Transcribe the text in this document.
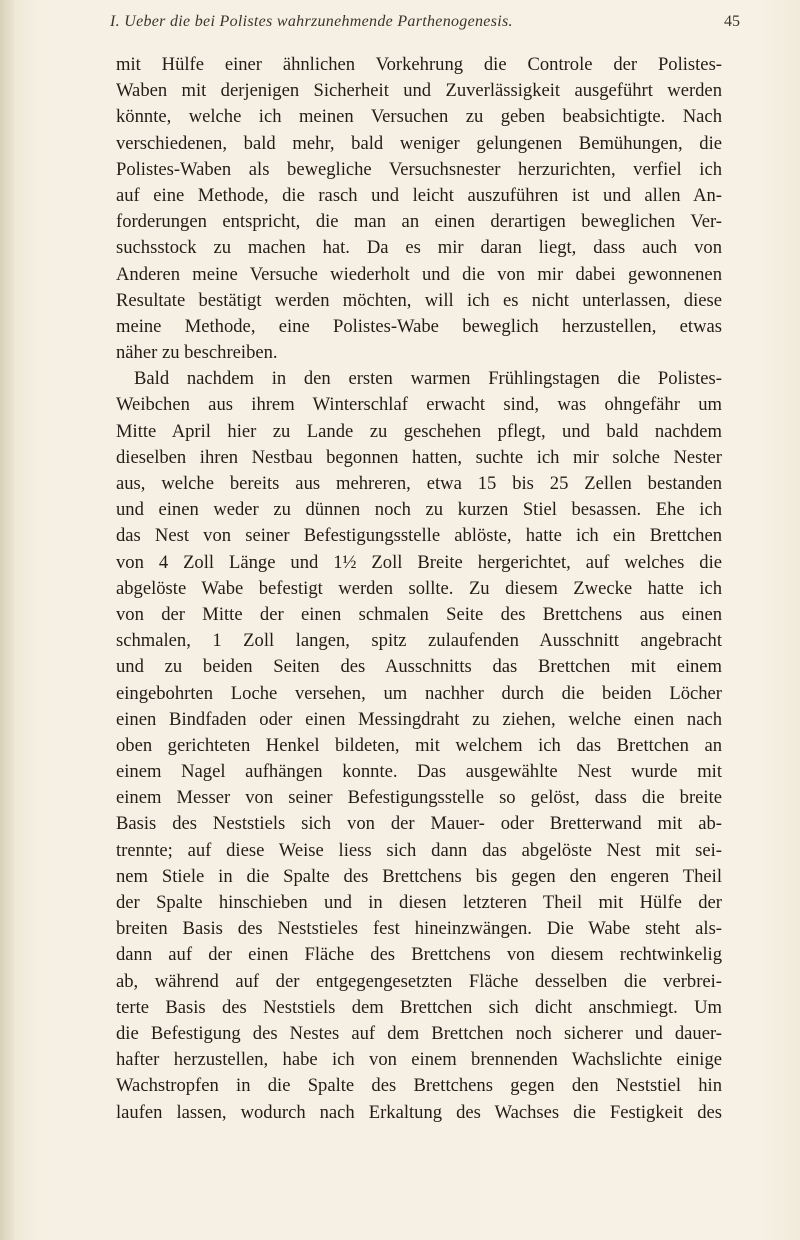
I. Ueber die bei Polistes wahrzunehmende Parthenogenesis.	45
mit Hülfe einer ähnlichen Vorkehrung die Controle der Polistes-
Waben mit derjenigen Sicherheit und Zuverlässigkeit ausgeführt werden
könnte, welche ich meinen Versuchen zu geben beabsichtigte. Nach
verschiedenen, bald mehr, bald weniger gelungenen Bemühungen, die
Polistes-Waben als bewegliche Versuchsnester herzurichten, verfiel ich
auf eine Methode, die rasch und leicht auszuführen ist und allen An-
forderungen entspricht, die man an einen derartigen beweglichen Ver-
suchsstock zu machen hat. Da es mir daran liegt, dass auch von
Anderen meine Versuche wiederholt und die von mir dabei gewonnenen
Resultate bestätigt werden möchten, will ich es nicht unterlassen, diese
meine Methode, eine Polistes-Wabe beweglich herzustellen, etwas
näher zu beschreiben.
Bald nachdem in den ersten warmen Frühlingstagen die Polistes-
Weibchen aus ihrem Winterschlaf erwacht sind, was ohngefähr um
Mitte April hier zu Lande zu geschehen pflegt, und bald nachdem
dieselben ihren Nestbau begonnen hatten, suchte ich mir solche Nester
aus, welche bereits aus mehreren, etwa 15 bis 25 Zellen bestanden
und einen weder zu dünnen noch zu kurzen Stiel besassen. Ehe ich
das Nest von seiner Befestigungsstelle ablöste, hatte ich ein Brettchen
von 4 Zoll Länge und 1½ Zoll Breite hergerichtet, auf welches die
abgelöste Wabe befestigt werden sollte. Zu diesem Zwecke hatte ich
von der Mitte der einen schmalen Seite des Brettchens aus einen
schmalen, 1 Zoll langen, spitz zulaufenden Ausschnitt angebracht
und zu beiden Seiten des Ausschnitts das Brettchen mit einem
eingebohrten Loche versehen, um nachher durch die beiden Löcher
einen Bindfaden oder einen Messingdraht zu ziehen, welche einen nach
oben gerichteten Henkel bildeten, mit welchem ich das Brettchen an
einem Nagel aufhängen konnte. Das ausgewählte Nest wurde mit
einem Messer von seiner Befestigungsstelle so gelöst, dass die breite
Basis des Neststiels sich von der Mauer- oder Bretterwand mit ab-
trennte; auf diese Weise liess sich dann das abgelöste Nest mit sei-
nem Stiele in die Spalte des Brettchens bis gegen den engeren Theil
der Spalte hinschieben und in diesen letzteren Theil mit Hülfe der
breiten Basis des Neststieles fest hineinzwängen. Die Wabe steht als-
dann auf der einen Fläche des Brettchens von diesem rechtwinkelig
ab, während auf der entgegengesetzten Fläche desselben die verbrei-
terte Basis des Neststiels dem Brettchen sich dicht anschmiegt. Um
die Befestigung des Nestes auf dem Brettchen noch sicherer und dauer-
hafter herzustellen, habe ich von einem brennenden Wachslichte einige
Wachstropfen in die Spalte des Brettchens gegen den Neststiel hin
laufen lassen, wodurch nach Erkaltung des Wachses die Festigkeit des
